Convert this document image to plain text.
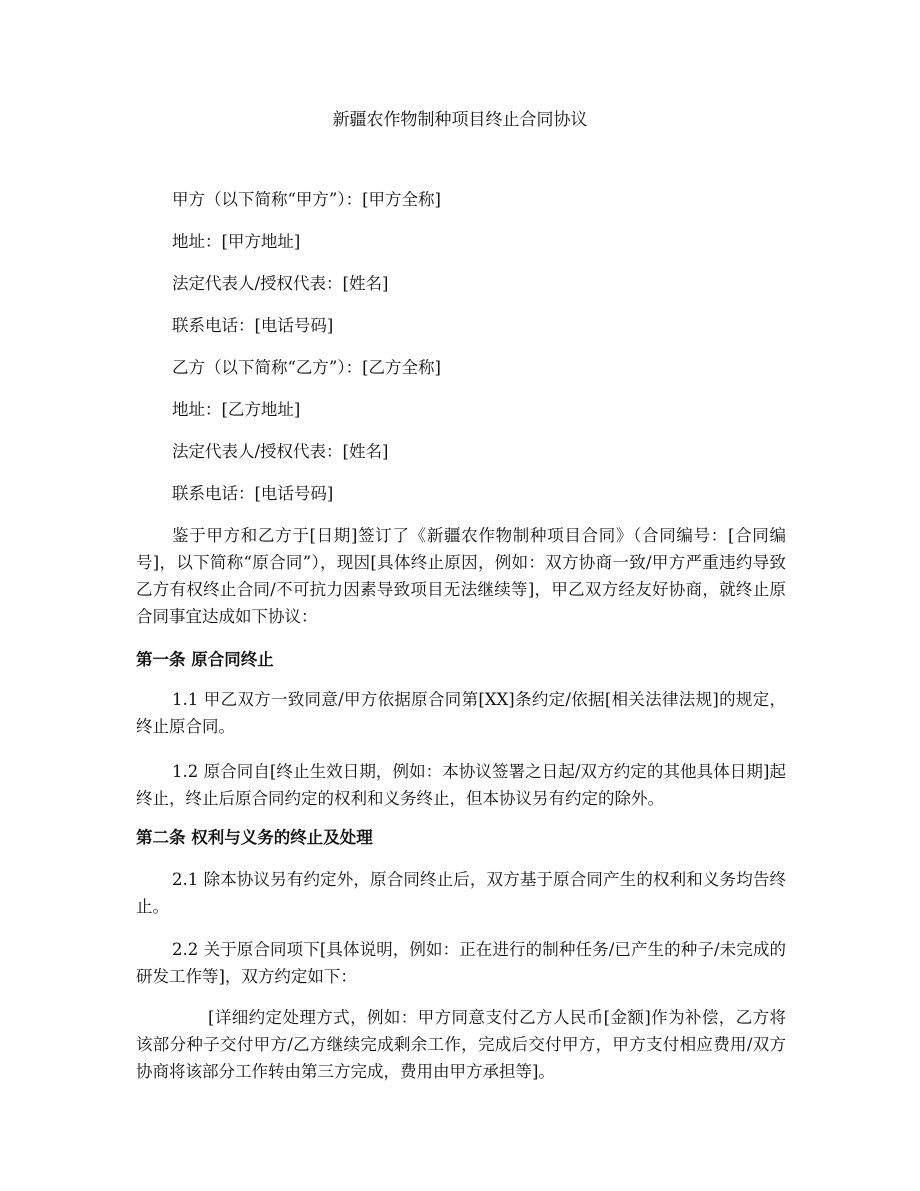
新疆农作物制种项目终止合同协议
甲方（以下简称“甲方”）：[甲方全称]
地址：[甲方地址]
法定代表人/授权代表：[姓名]
联系电话：[电话号码]
乙方（以下简称“乙方”）：[乙方全称]
地址：[乙方地址]
法定代表人/授权代表：[姓名]
联系电话：[电话号码]
鉴于甲方和乙方于[日期]签订了《新疆农作物制种项目合同》（合同编号：[合同编号]，以下简称“原合同”），现因[具体终止原因，例如：双方协商一致/甲方严重违约导致乙方有权终止合同/不可抗力因素导致项目无法继续等]，甲乙双方经友好协商，就终止原合同事宜达成如下协议：
第一条 原合同终止
1.1 甲乙双方一致同意/甲方依据原合同第[XX]条约定/依据[相关法律法规]的规定，终止原合同。
1.2 原合同自[终止生效日期，例如：本协议签署之日起/双方约定的其他具体日期]起终止，终止后原合同约定的权利和义务终止，但本协议另有约定的除外。
第二条 权利与义务的终止及处理
2.1 除本协议另有约定外，原合同终止后，双方基于原合同产生的权利和义务均告终止。
2.2 关于原合同项下[具体说明，例如：正在进行的制种任务/已产生的种子/未完成的研发工作等]，双方约定如下：
[详细约定处理方式，例如：甲方同意支付乙方人民币[金额]作为补偿，乙方将该部分种子交付甲方/乙方继续完成剩余工作，完成后交付甲方，甲方支付相应费用/双方协商将该部分工作转由第三方完成，费用由甲方承担等]。
